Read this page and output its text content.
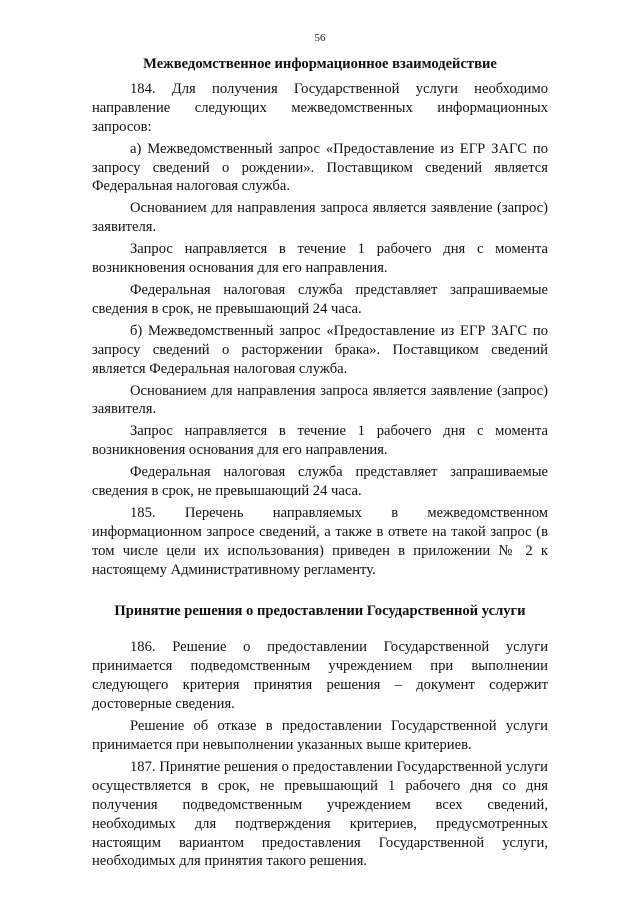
56
Межведомственное информационное взаимодействие

184. Для получения Государственной услуги необходимо направление следующих межведомственных информационных запросов:

а) Межведомственный запрос «Предоставление из ЕГР ЗАГС по запросу сведений о рождении». Поставщиком сведений является Федеральная налоговая служба.

Основанием для направления запроса является заявление (запрос) заявителя.

Запрос направляется в течение 1 рабочего дня с момента возникновения основания для его направления.

Федеральная налоговая служба представляет запрашиваемые сведения в срок, не превышающий 24 часа.

б) Межведомственный запрос «Предоставление из ЕГР ЗАГС по запросу сведений о расторжении брака». Поставщиком сведений является Федеральная налоговая служба.

Основанием для направления запроса является заявление (запрос) заявителя.

Запрос направляется в течение 1 рабочего дня с момента возникновения основания для его направления.

Федеральная налоговая служба представляет запрашиваемые сведения в срок, не превышающий 24 часа.

185. Перечень направляемых в межведомственном информационном запросе сведений, а также в ответе на такой запрос (в том числе цели их использования) приведен в приложении № 2 к настоящему Административному регламенту.

Принятие решения о предоставлении Государственной услуги

186. Решение о предоставлении Государственной услуги принимается подведомственным учреждением при выполнении следующего критерия принятия решения – документ содержит достоверные сведения.

Решение об отказе в предоставлении Государственной услуги принимается при невыполнении указанных выше критериев.

187. Принятие решения о предоставлении Государственной услуги осуществляется в срок, не превышающий 1 рабочего дня со дня получения подведомственным учреждением всех сведений, необходимых для подтверждения критериев, предусмотренных настоящим вариантом предоставления Государственной услуги, необходимых для принятия такого решения.
